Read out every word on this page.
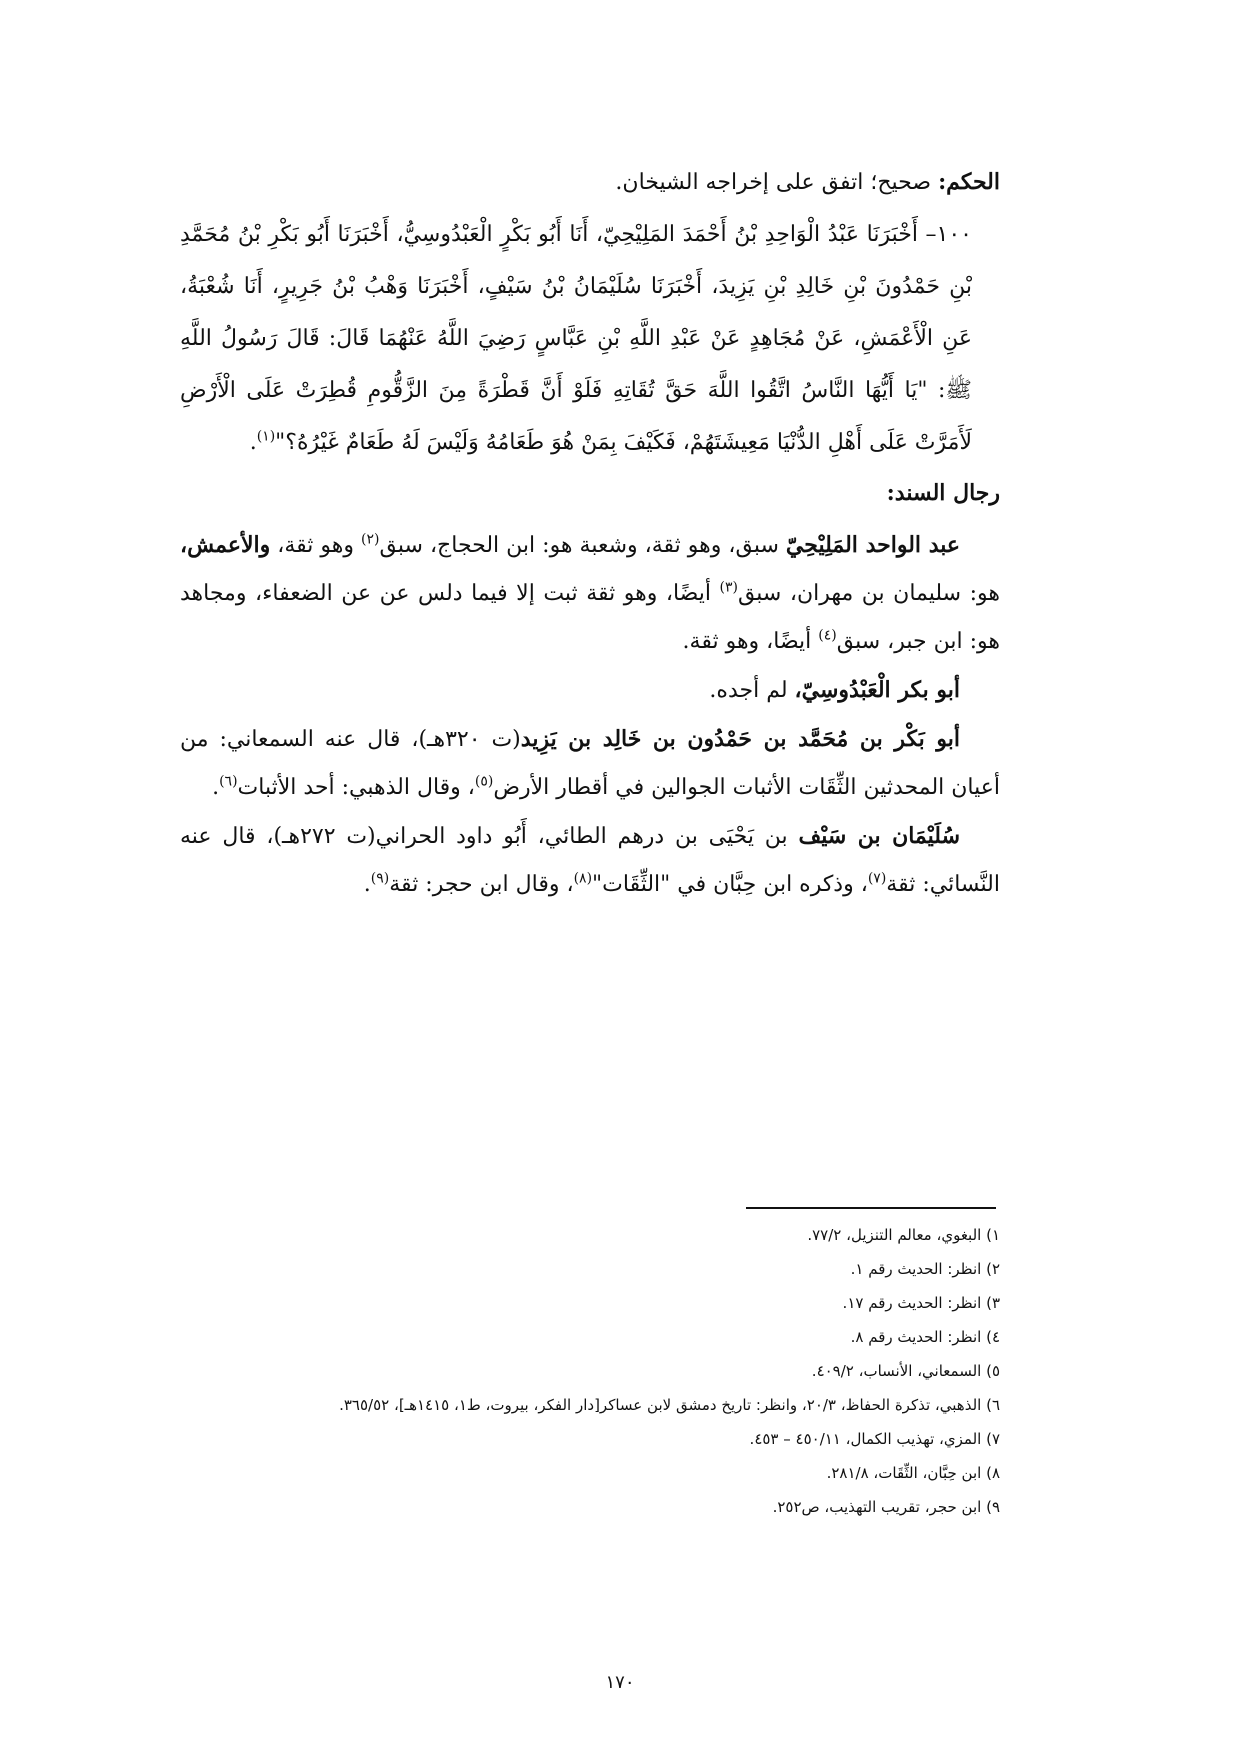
الحكم: صحيح؛ اتفق على إخراجه الشيخان.

١٠٠– أَخْبَرَنَا عَبْدُ الْوَاحِدِ بْنُ أَحْمَدَ المَلِيْحِيّ، أَنَا أَبُو بَكْرٍ الْعَبْدُوسِيُّ، أَخْبَرَنَا أَبُو بَكْرِ بْنُ مُحَمَّدِ بْنِ حَمْدُونَ بْنِ خَالِدِ بْنِ يَزِيدَ، أَخْبَرَنَا سُلَيْمَانُ بْنُ سَيْفٍ، أَخْبَرَنَا وَهْبُ بْنُ جَرِيرٍ، أَنَا شُعْبَةُ، عَنِ الْأَعْمَشِ، عَنْ مُجَاهِدٍ عَنْ عَبْدِ اللَّهِ بْنِ عَبَّاسٍ رَضِيَ اللَّهُ عَنْهُمَا قَالَ: قَالَ رَسُولُ اللَّهِ ﷺ: "يَا أَيُّهَا النَّاسُ اتَّقُوا اللَّهَ حَقَّ تُقَاتِهِ فَلَوْ أَنَّ قَطْرَةً مِنَ الزَّقُّومِ قُطِرَتْ عَلَى الْأَرْضِ لَأَمَرَّتْ عَلَى أَهْلِ الدُّنْيَا مَعِيشَتَهُمْ، فَكَيْفَ بِمَنْ هُوَ طَعَامُهُ وَلَيْسَ لَهُ طَعَامٌ غَيْرُهُ؟"$^{(١)}$.

رجال السند:

عبد الواحد المَلِيْحِيّ سبق، وهو ثقة، وشعبة هو: ابن الحجاج، سبق$^{(٢)}$ وهو ثقة، والأعمش، هو: سليمان بن مهران، سبق$^{(٣)}$ أيضًا، وهو ثقة ثبت إلا فيما دلس عن عن الضعفاء، ومجاهد هو: ابن جبر، سبق$^{(٤)}$ أيضًا، وهو ثقة.

أبو بكر الْعَبْدُوسِيّ، لم أجده.

أبو بَكْر بن مُحَمَّد بن حَمْدُون بن خَالِد بن يَزِيد(ت ٣٢٠هـ)، قال عنه السمعاني: من أعيان المحدثين الثِّقَات الأثبات الجوالين في أقطار الأرض$^{(٥)}$، وقال الذهبي: أحد الأثبات$^{(٦)}$.

سُلَيْمَان بن سَيْف بن يَحْيَى بن درهم الطائي، أَبُو داود الحراني(ت ٢٧٢هـ)، قال عنه النَّسائي: ثقة$^{(٧)}$، وذكره ابن حِبَّان في "الثِّقَات"$^{(٨)}$، وقال ابن حجر: ثقة$^{(٩)}$.

١) البغوي، معالم التنزيل، ٧٧/٢.

٢) انظر: الحديث رقم ١.

٣) انظر: الحديث رقم ١٧.

٤) انظر: الحديث رقم ٨.

٥) السمعاني، الأنساب، ٤٠٩/٢.

٦) الذهبي، تذكرة الحفاظ، ٢٠/٣، وانظر: تاريخ دمشق لابن عساكر[دار الفكر، بيروت، ط١، ١٤١٥هـ]، ٣٦٥/٥٢.

٧) المزي، تهذيب الكمال، ٤٥٠/١١ – ٤٥٣.

٨) ابن حِبَّان، الثِّقَات، ٢٨١/٨.

٩) ابن حجر، تقريب التهذيب، ص٢٥٢.

١٧٠
